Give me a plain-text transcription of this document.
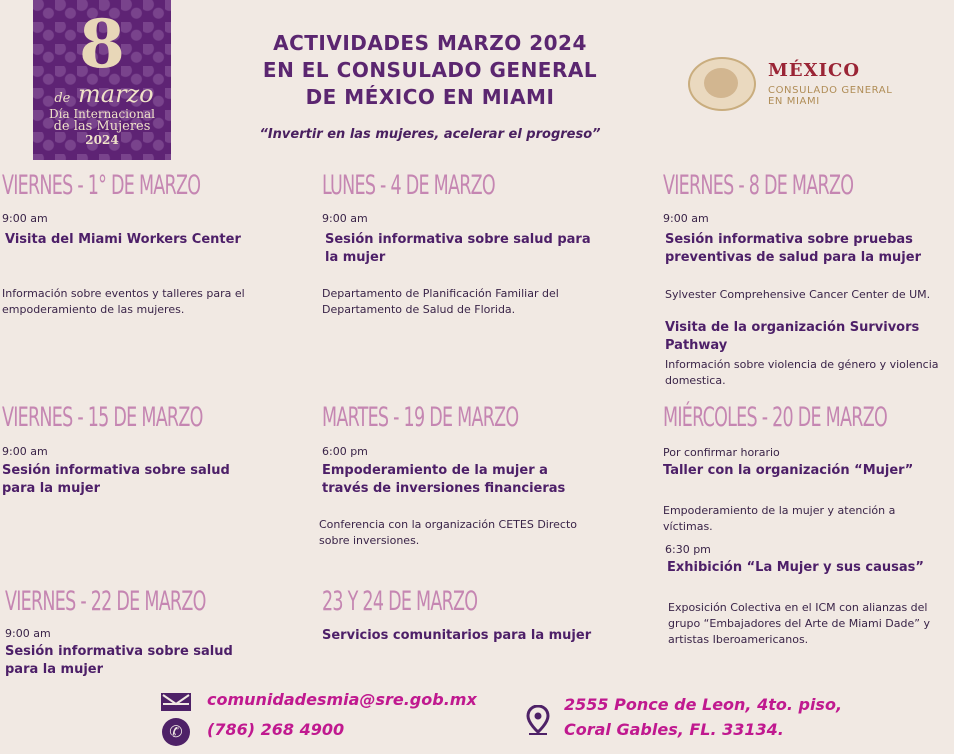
8
de marzo
Día Internacional
de las Mujeres
2024
ACTIVIDADES MARZO 2024
EN EL CONSULADO GENERAL
DE MÉXICO EN MIAMI
“Invertir en las mujeres, acelerar el progreso”
MÉXICO
CONSULADO GENERAL
EN MIAMI
VIERNES - 1° DE MARZO
9:00 am
Visita del Miami Workers Center
Información sobre eventos y talleres para el empoderamiento de las mujeres.
VIERNES - 15 DE MARZO
9:00 am
Sesión informativa sobre salud para la mujer
VIERNES - 22 DE MARZO
9:00 am
Sesión informativa sobre salud para la mujer
LUNES - 4 DE MARZO
9:00 am
Sesión informativa sobre salud para la mujer
Departamento de Planificación Familiar del Departamento de Salud de Florida.
MARTES - 19 DE MARZO
6:00 pm
Empoderamiento de la mujer a través de inversiones financieras
Conferencia con la organización CETES Directo sobre inversiones.
23 Y 24 DE MARZO
Servicios comunitarios para la mujer
VIERNES - 8 DE MARZO
9:00 am
Sesión informativa sobre pruebas preventivas de salud para la mujer
Sylvester Comprehensive Cancer Center de UM.
Visita de la organización Survivors Pathway
Información sobre violencia de género y violencia domestica.
MIÉRCOLES - 20 DE MARZO
Por confirmar horario
Taller con la organización “Mujer”
Empoderamiento de la mujer y atención a víctimas.
6:30 pm
Exhibición “La Mujer y sus causas”
Exposición Colectiva en el ICM con alianzas del grupo “Embajadores del Arte de Miami Dade” y artistas Iberoamericanos.
comunidadesmia@sre.gob.mx
✆	(786) 268 4900
2555 Ponce de Leon, 4to. piso,
Coral Gables, FL. 33134.
